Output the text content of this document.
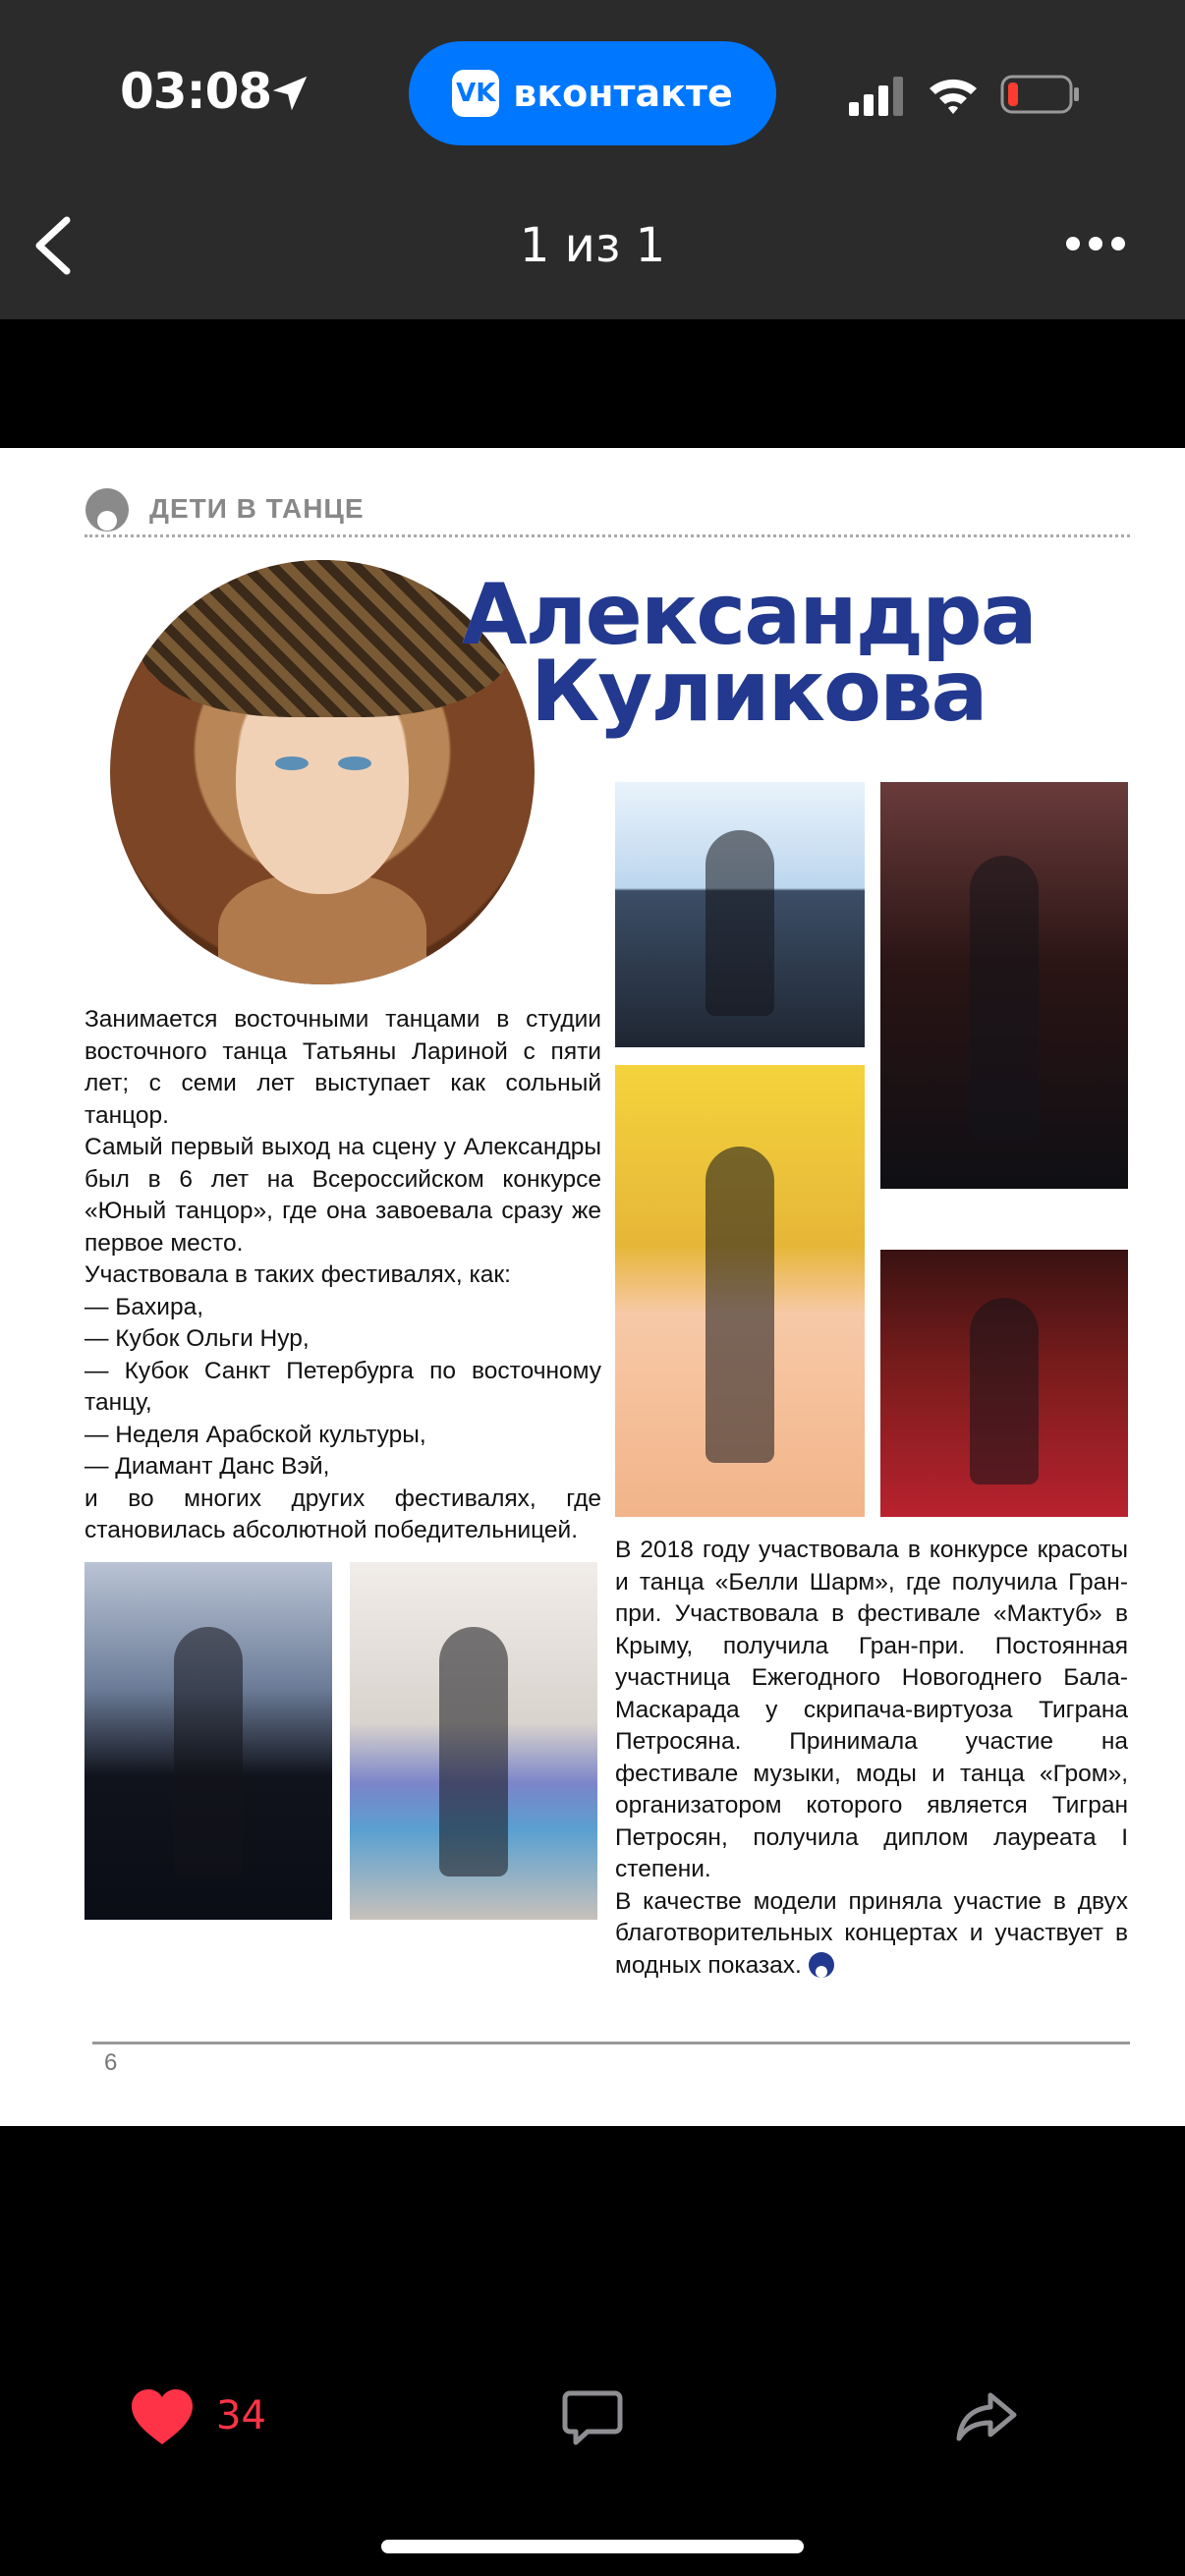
03:08	VK вконтакте
1 из 1
ДЕТИ В ТАНЦЕ
Александра
Куликова
Занимается восточными танцами в студии восточного танца Татьяны Лариной с пяти лет; с семи лет выступает как сольный танцор.
Самый первый выход на сцену у Александры был в 6 лет на Всероссийском конкурсе «Юный танцор», где она завоевала сразу же первое место.
Участвовала в таких фестивалях, как:
— Бахира,
— Кубок Ольги Нур,
— Кубок Санкт Петербурга по восточному танцу,
— Неделя Арабской культуры,
— Диамант Данс Вэй,
и во многих других фестивалях, где становилась абсолютной победительницей.
В 2018 году участвовала в конкурсе красоты и танца «Белли Шарм», где получила Гран-при. Участвовала в фестивале «Мактуб» в Крыму, получила Гран-при. Постоянная участница Ежегодного Новогоднего Бала-Маскарада у скрипача-виртуоза Тиграна Петросяна. Принимала участие на фестивале музыки, моды и танца «Гром», организатором которого является Тигран Петросян, получила диплом лауреата I степени.
В качестве модели приняла участие в двух благотворительных концертах и участвует в модных показах.
6
34
